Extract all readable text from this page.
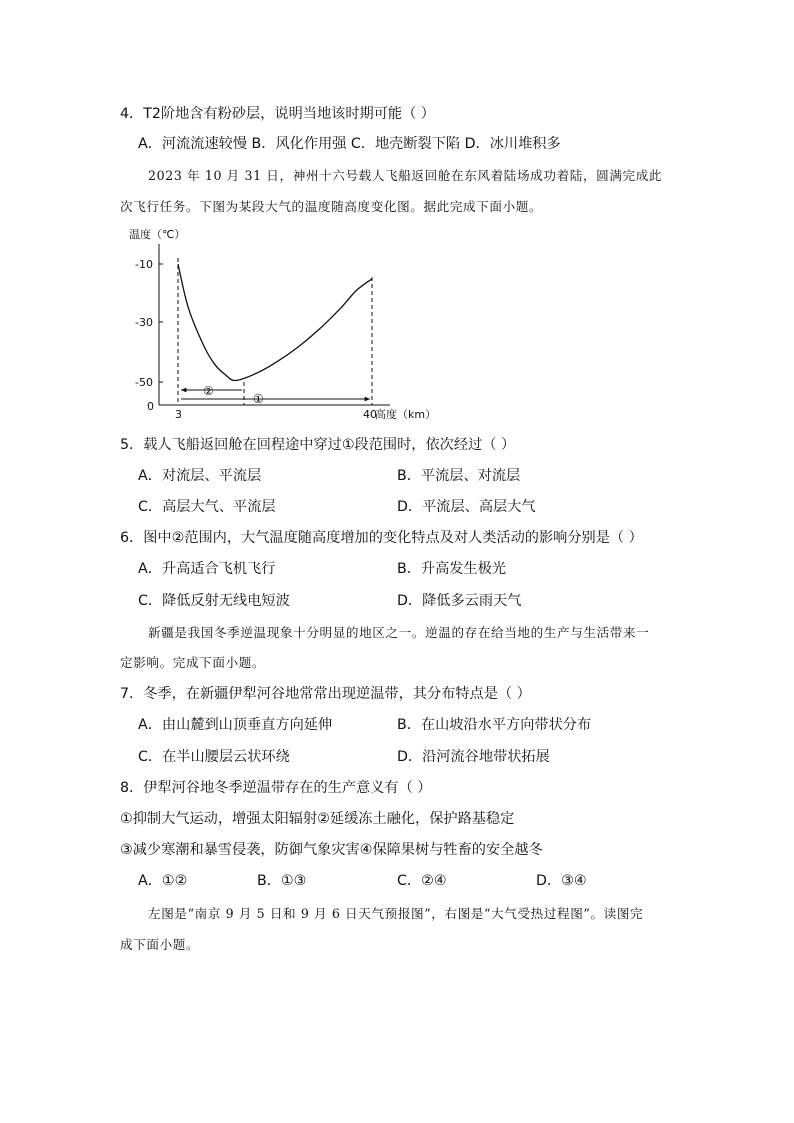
4．T2阶地含有粉砂层，说明当地该时期可能（ ）
A．河流流速较慢 B．风化作用强 C．地壳断裂下陷 D．冰川堆积多
2023 年 10 月 31 日，神州十六号载人飞船返回舱在东风着陆场成功着陆，圆满完成此
次飞行任务。下图为某段大气的温度随高度变化图。据此完成下面小题。
温度（℃）
-10
-30
-50
0
3	40
高度（km）
②
①
5．载人飞船返回舱在回程途中穿过①段范围时，依次经过（ ）
A．对流层、平流层	B．平流层、对流层
C．高层大气、平流层	D．平流层、高层大气
6．图中②范围内，大气温度随高度增加的变化特点及对人类活动的影响分别是（ ）
A．升高适合飞机飞行	B．升高发生极光
C．降低反射无线电短波	D．降低多云雨天气
新疆是我国冬季逆温现象十分明显的地区之一。逆温的存在给当地的生产与生活带来一
定影响。完成下面小题。
7．冬季，在新疆伊犁河谷地常常出现逆温带，其分布特点是（ ）
A．由山麓到山顶垂直方向延伸	B．在山坡沿水平方向带状分布
C．在半山腰层云状环绕	D．沿河流谷地带状拓展
8．伊犁河谷地冬季逆温带存在的生产意义有（ ）
①抑制大气运动，增强太阳辐射②延缓冻土融化，保护路基稳定
③减少寒潮和暴雪侵袭，防御气象灾害④保障果树与牲畜的安全越冬
A．①②	B．①③	C．②④	D．③④
左图是“南京 9 月 5 日和 9 月 6 日天气预报图”，右图是“大气受热过程图”。读图完
成下面小题。
